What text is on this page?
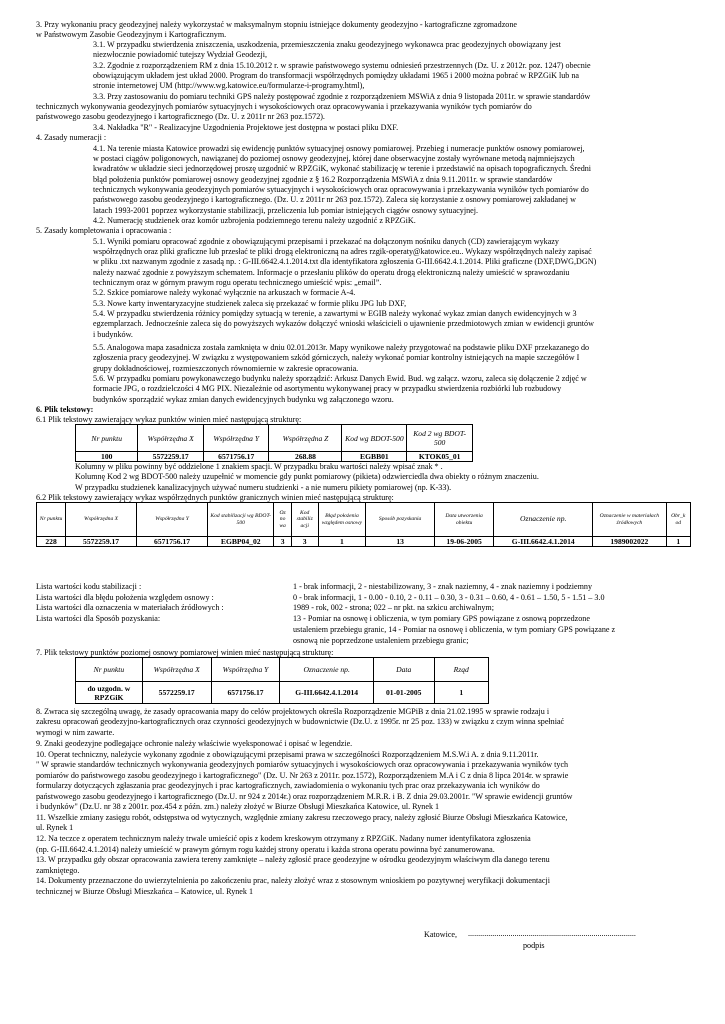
3. Przy wykonaniu pracy geodezyjnej należy wykorzystać w maksymalnym stopniu istniejące dokumenty geodezyjno - kartograficzne zgromadzone
w Państwowym Zasobie Geodezyjnym i Kartograficznym.
3.1. W przypadku stwierdzenia zniszczenia, uszkodzenia, przemieszczenia znaku geodezyjnego wykonawca prac geodezyjnych obowiązany jest
niezwłocznie powiadomić tutejszy Wydział Geodezji,
3.2. Zgodnie z rozporządzeniem RM z dnia 15.10.2012 r. w sprawie państwowego systemu odniesień przestrzennych (Dz. U. z 2012r. poz. 1247) obecnie
obowiązującym układem jest układ 2000. Program do transformacji współrzędnych pomiędzy układami 1965 i 2000 można pobrać w RPZGiK lub na
stronie internetowej UM (http://www.wg.katowice.eu/formularze-i-programy.html),
3.3. Przy zastosowaniu do pomiaru techniki GPS należy postępować zgodnie z rozporządzeniem MSWiA z dnia 9 listopada 2011r. w sprawie standardów
technicznych wykonywania geodezyjnych pomiarów sytuacyjnych i wysokościowych oraz opracowywania i przekazywania wyników tych pomiarów do
państwowego zasobu geodezyjnego i kartograficznego (Dz. U. z 2011r nr 263 poz.1572).
3.4. Nakładka "R" - Realizacyjne Uzgodnienia Projektowe jest dostępna w postaci pliku DXF.
4. Zasady numeracji :
4.1. Na terenie miasta Katowice prowadzi się ewidencję punktów sytuacyjnej osnowy pomiarowej. Przebieg i numeracje punktów osnowy pomiarowej,
w postaci ciągów poligonowych, nawiązanej do poziomej osnowy geodezyjnej, której dane obserwacyjne zostały wyrównane metodą najmniejszych
kwadratów w układzie sieci jednorzędowej proszę uzgodnić w RPZGiK, wykonać stabilizację w terenie i przedstawić na opisach topograficznych. Średni
błąd położenia punktów pomiarowej osnowy geodezyjnej zgodnie z § 16.2 Rozporządzenia MSWiA z dnia 9.11.2011r. w sprawie standardów
technicznych wykonywania geodezyjnych pomiarów sytuacyjnych i wysokościowych oraz opracowywania i przekazywania wyników tych pomiarów do
państwowego zasobu geodezyjnego i kartograficznego. (Dz. U. z 2011r nr 263 poz.1572). Zaleca się korzystanie z osnowy pomiarowej zakładanej w
latach 1993-2001 poprzez wykorzystanie stabilizacji, przeliczenia lub pomiar istniejących ciągów osnowy sytuacyjnej.
4.2. Numerację studzienek oraz komór uzbrojenia podziemnego terenu należy uzgodnić z RPZGiK.
5. Zasady kompletowania i opracowania :
5.1. Wyniki pomiaru opracować zgodnie z obowiązującymi przepisami i przekazać na dołączonym nośniku danych (CD) zawierającym wykazy
współrzędnych oraz pliki graficzne lub przesłać te pliki drogą elektroniczną na adres rzgik-operaty@katowice.eu.. Wykazy współrzędnych należy zapisać
w pliku .txt nazwanym zgodnie z zasadą np. : G-III.6642.4.1.2014.txt dla identyfikatora zgłoszenia G-III.6642.4.1.2014. Pliki graficzne (DXF,DWG,DGN)
należy nazwać zgodnie z powyższym schematem. Informacje o przesłaniu plików do operatu drogą elektroniczną należy umieścić w sprawozdaniu
technicznym oraz w górnym prawym rogu operatu technicznego umieścić wpis: „email”.
5.2. Szkice pomiarowe należy wykonać wyłącznie na arkuszach w formacie A-4.
5.3. Nowe karty inwentaryzacyjne studzienek zaleca się przekazać w formie pliku JPG lub DXF,
5.4. W przypadku stwierdzenia różnicy pomiędzy sytuacją w terenie, a zawartymi w EGIB należy wykonać wykaz zmian danych ewidencyjnych w 3
egzemplarzach. Jednocześnie zaleca się do powyższych wykazów dołączyć wnioski właścicieli o ujawnienie przedmiotowych zmian w ewidencji gruntów
i budynków.
5.5. Analogowa mapa zasadnicza została zamknięta w dniu 02.01.2013r. Mapy wynikowe należy przygotować na podstawie pliku DXF przekazanego do
zgłoszenia pracy geodezyjnej. W związku z występowaniem szkód górniczych, należy wykonać pomiar kontrolny istniejących na mapie szczegółów I
grupy dokładnościowej, rozmieszczonych równomiernie w zakresie opracowania.
5.6. W przypadku pomiaru powykonawczego budynku należy sporządzić: Arkusz Danych Ewid. Bud. wg załącz. wzoru, zaleca się dołączenie 2 zdjęć w
formacie JPG, o rozdzielczości 4 MG PIX. Niezależnie od asortymentu wykonywanej pracy w przypadku stwierdzenia rozbiórki lub rozbudowy
budynków sporządzić wykaz zmian danych ewidencyjnych budynku wg załączonego wzoru.
6. Plik tekstowy:
6.1 Plik tekstowy zawierający wykaz punktów winien mieć następującą strukturę:
Nr punktu	Współrzędna X	Współrzędna Y	Współrzędna Z	Kod wg BDOT-500	Kod 2 wg BDOT-500
100	5572259.17	6571756.17	268.88	EGBB01	KTOK05_01
Kolumny w pliku powinny być oddzielone 1 znakiem spacji. W przypadku braku wartości należy wpisać znak * .
Kolumnę Kod 2 wg BDOT-500 należy uzupełnić w momencie gdy punkt pomiarowy (pikieta) odzwierciedla dwa obiekty o różnym znaczeniu.
W przypadku studzienek kanalizacyjnych używać numeru studzienki - a nie numeru pikiety pomiarowej (np. K-33).
6.2 Plik tekstowy zawierający wykaz współrzędnych punktów granicznych winien mieć następującą strukturę:
Nr punktu	Współrzędna X	Współrzędna Y	Kod stabilizacji wg BDOT-500	Oz no wa	Kod stabiliz acji	Błąd położenia względem osnowy	Sposób pozyskania	Data utworzenia obiektu	Oznaczenie np.	Oznaczenie w materiałach źródłowych	Obr_k od
228	5572259.17	6571756.17	EGBP04_02	3	3	1	13	19-06-2005	G-III.6642.4.1.2014	1989002022	1
Lista wartości kodu stabilizacji :	1 - brak informacji, 2 - niestabilizowany, 3 - znak naziemny, 4 - znak naziemny i podziemny
Lista wartości dla błędu położenia względem osnowy :	0 - brak informacji, 1 - 0.00 - 0.10, 2 - 0.11 – 0.30, 3 - 0.31 – 0.60, 4 - 0.61 – 1.50, 5 - 1.51 – 3.0
Lista wartości dla oznaczenia w materiałach źródłowych :	1989 - rok, 002 - strona; 022 – nr pkt. na szkicu archiwalnym;
Lista wartości dla Sposób pozyskania:	13 - Pomiar na osnowę i obliczenia, w tym pomiary GPS powiązane z osnową poprzedzone
ustaleniem przebiegu granic, 14 - Pomiar na osnowę i obliczenia, w tym pomiary GPS powiązane z
osnową nie poprzedzone ustaleniem przebiegu granic;
7. Plik tekstowy punktów poziomej osnowy pomiarowej winien mieć następującą strukturę:
Nr punktu	Współrzędna X	Współrzędna Y	Oznaczenie np.	Data	Rząd
do uzgodn. w RPZGiK	5572259.17	6571756.17	G-III.6642.4.1.2014	01-01-2005	1
8. Zwraca się szczególną uwagę, że zasady opracowania mapy do celów projektowych określa Rozporządzenie MGPiB z dnia 21.02.1995 w sprawie rodzaju i
zakresu opracowań geodezyjno-kartograficznych oraz czynności geodezyjnych w budownictwie (Dz.U. z 1995r. nr 25 poz. 133) w związku z czym winna spełniać
wymogi w nim zawarte.
9. Znaki geodezyjne podlegające ochronie należy właściwie wyeksponować i opisać w legendzie.
10. Operat techniczny, należycie wykonany zgodnie z obowiązującymi przepisami prawa w szczególności Rozporządzeniem M.S.W.i A. z dnia 9.11.2011r.
" W sprawie standardów technicznych wykonywania geodezyjnych pomiarów sytuacyjnych i wysokościowych oraz opracowywania i przekazywania wyników tych
pomiarów do państwowego zasobu geodezyjnego i kartograficznego" (Dz. U. Nr 263 z 2011r. poz.1572), Rozporządzeniem M.A i C z dnia 8 lipca 2014r. w sprawie
formularzy dotyczących zgłaszania prac geodezyjnych i prac kartograficznych, zawiadomienia o wykonaniu tych prac oraz przekazywania ich wyników do
państwowego zasobu geodezyjnego i kartograficznego (Dz.U. nr 924 z 2014r.) oraz rozporządzeniem M.R.R. i B. Z dnia 29.03.2001r. "W sprawie ewidencji gruntów
i budynków" (Dz.U. nr 38 z 2001r. poz.454 z późn. zm.) należy złożyć w Biurze Obsługi Mieszkańca Katowice, ul. Rynek 1
11. Wszelkie zmiany zasięgu robót, odstępstwa od wytycznych, względnie zmiany zakresu rzeczowego pracy, należy zgłosić Biurze Obsługi Mieszkańca Katowice,
ul. Rynek 1
12. Na teczce z operatem technicznym należy trwale umieścić opis z kodem kreskowym otrzymany z RPZGiK. Nadany numer identyfikatora zgłoszenia
(np. G-III.6642.4.1.2014) należy umieścić w prawym górnym rogu każdej strony operatu i każda strona operatu powinna być zanumerowana.
13. W przypadku gdy obszar opracowania zawiera tereny zamknięte – należy zgłosić prace geodezyjne w ośrodku geodezyjnym właściwym dla danego terenu
zamkniętego.
14. Dokumenty przeznaczone do uwierzytelnienia po zakończeniu prac, należy złożyć wraz z stosownym wnioskiem po pozytywnej weryfikacji dokumentacji
technicznej w Biurze Obsługi Mieszkańca – Katowice, ul. Rynek 1
Katowice, ...................................................................................
podpis
